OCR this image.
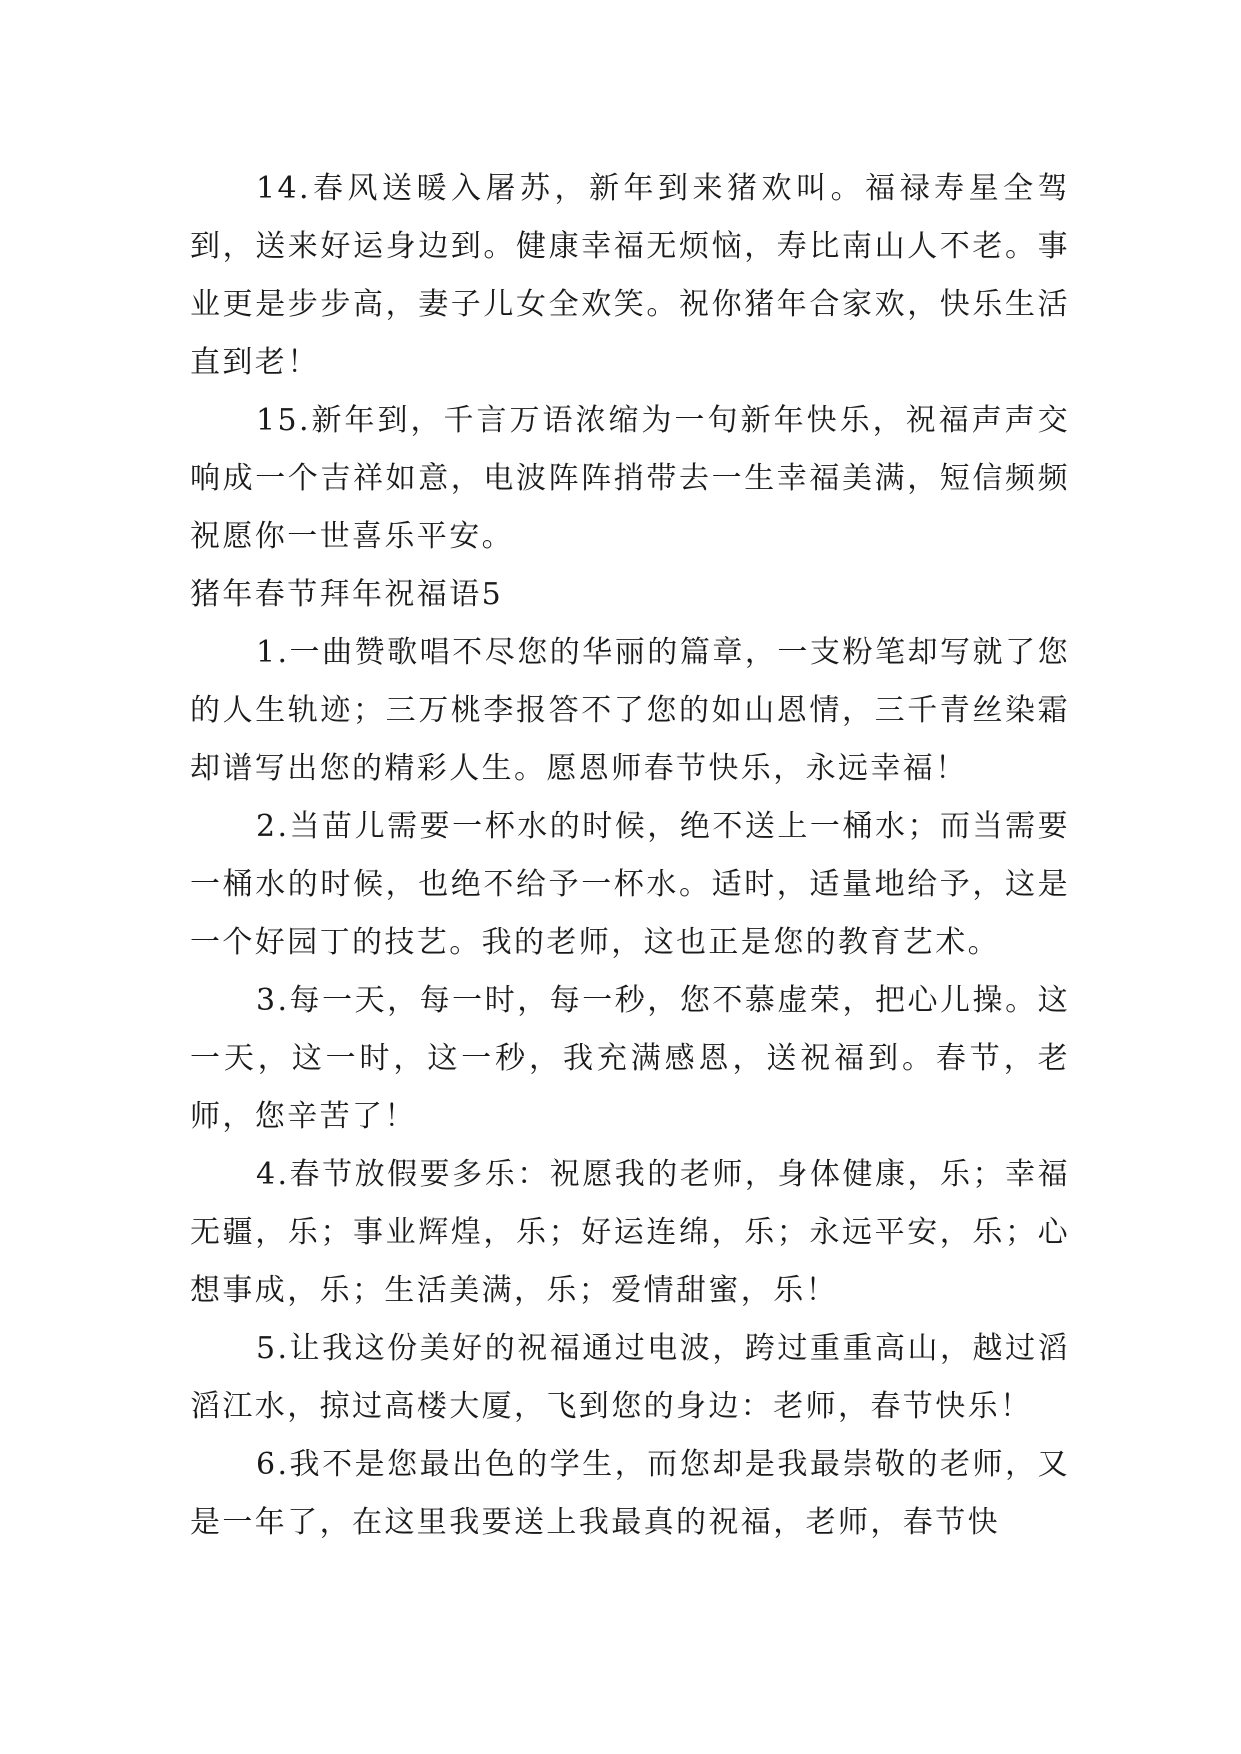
14.春风送暖入屠苏，新年到来猪欢叫。福禄寿星全驾到，送来好运身边到。健康幸福无烦恼，寿比南山人不老。事业更是步步高，妻子儿女全欢笑。祝你猪年合家欢，快乐生活直到老！

15.新年到，千言万语浓缩为一句新年快乐，祝福声声交响成一个吉祥如意，电波阵阵捎带去一生幸福美满，短信频频祝愿你一世喜乐平安。

猪年春节拜年祝福语5

1.一曲赞歌唱不尽您的华丽的篇章，一支粉笔却写就了您的人生轨迹；三万桃李报答不了您的如山恩情，三千青丝染霜却谱写出您的精彩人生。愿恩师春节快乐，永远幸福！

2.当苗儿需要一杯水的时候，绝不送上一桶水；而当需要一桶水的时候，也绝不给予一杯水。适时，适量地给予，这是一个好园丁的技艺。我的老师，这也正是您的教育艺术。

3.每一天，每一时，每一秒，您不慕虚荣，把心儿操。这一天，这一时，这一秒，我充满感恩，送祝福到。春节，老师，您辛苦了！

4.春节放假要多乐：祝愿我的老师，身体健康，乐；幸福无疆，乐；事业辉煌，乐；好运连绵，乐；永远平安，乐；心想事成，乐；生活美满，乐；爱情甜蜜，乐！

5.让我这份美好的祝福通过电波，跨过重重高山，越过滔滔江水，掠过高楼大厦，飞到您的身边：老师，春节快乐！

6.我不是您最出色的学生，而您却是我最崇敬的老师，又是一年了，在这里我要送上我最真的祝福，老师，春节快
